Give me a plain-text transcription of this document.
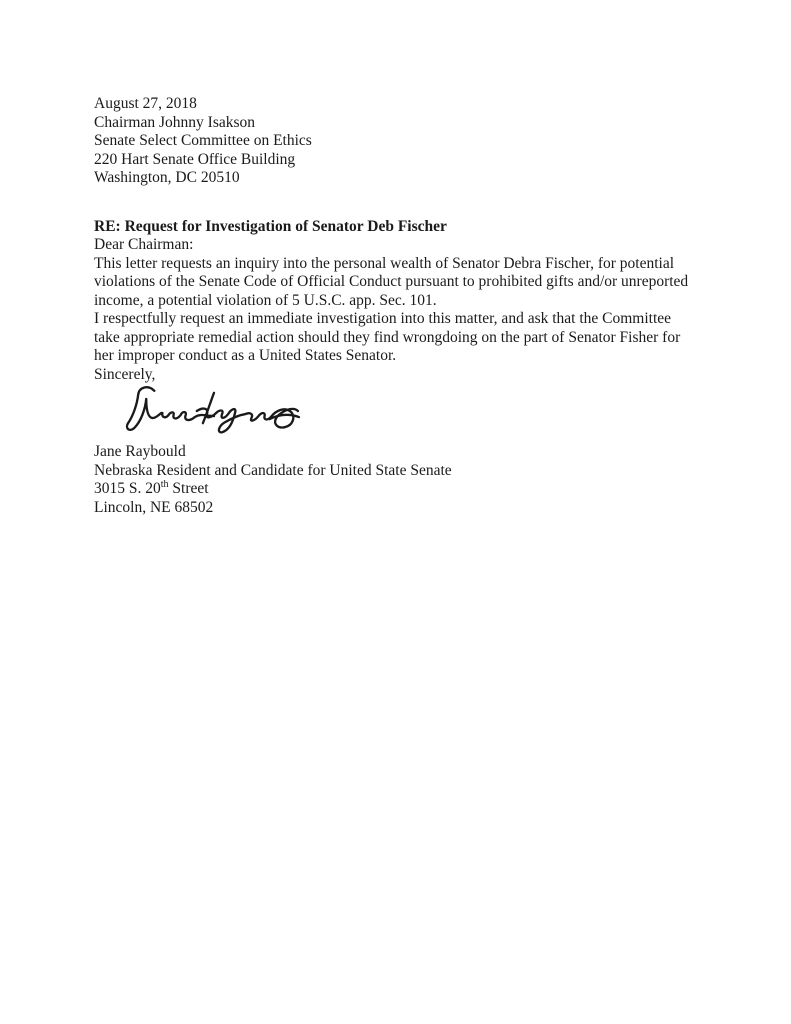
August 27, 2018

Chairman Johnny Isakson

Senate Select Committee on Ethics

220 Hart Senate Office Building

Washington, DC 20510

RE: Request for Investigation of Senator Deb Fischer

Dear Chairman:

This letter requests an inquiry into the personal wealth of Senator Debra Fischer, for potential violations of the Senate Code of Official Conduct pursuant to prohibited gifts and/or unreported income, a potential violation of 5 U.S.C. app. Sec. 101.

I respectfully request an immediate investigation into this matter, and ask that the Committee take appropriate remedial action should they find wrongdoing on the part of Senator Fisher for her improper conduct as a United States Senator.

Sincerely,

Jane Raybould

Nebraska Resident and Candidate for United State Senate

3015 S. 20th Street

Lincoln, NE 68502
